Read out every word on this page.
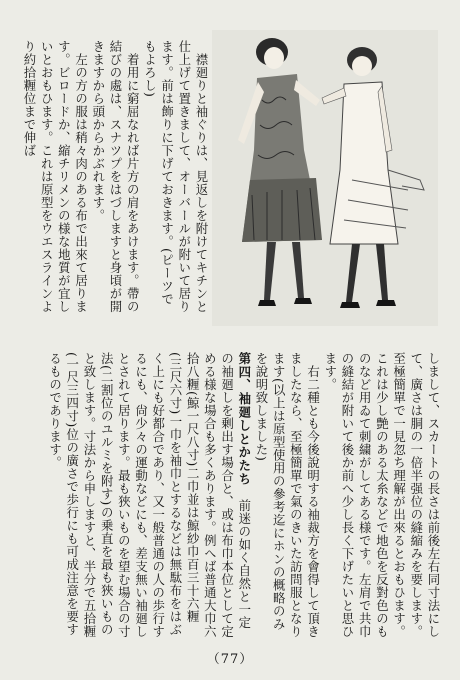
　襟廻りと袖ぐりは、見返しを附けてキチンと仕上げて置きまして、オーバールが附いて居ります。前は飾りに下げておきます。(ピーツでもよろし)
　着用に窮屈なれば片方の肩をあけます。帶の結びの處は、スナツプをはづしますと身頃が開きますから頭からかぶれます。
　左の方の服は稍々肉のある布で出來て居ります。ビロードか、縮チリメンの様な地質が宜しいとおもひます。これは原型をウエスラインより約拾糎位まで伸ば
しまして、スカートの長さは前後左右同寸法にして、廣さは胴の一倍半强位の縫縮みを要します。至極簡單で一見忽ち理解が出來るとおもひます。これは少し艶のある太糸などで地色を反對色のものなど用ゐて刺繍がしてある様です。左肩で共巾の縫結が附いて後か前へ少し長く下げたいと思ひます。
　右二種とも今後說明する袖裁方を會得して頂きましたなら、至極簡單で氣のきいた訪問服となります(以上は原型使用の參考迄にホンの概略のみを說明致しました)
第四、袖廻しとかたち　前迷の如く自然と一定の袖廻しを剰出す場合と、或は布巾本位として定める様な場合も多くあります。例へば普通大巾六拾八糎(鯨一尺八寸)二巾並は鯨紗巾百三十六糎(三尺六寸)一巾を袖巾とするなどは無駄布をはぶく上にも好都合であり、又一般普通の人の歩行するにも、尙少々の運動などにも、差支無い袖廻しとされて居ります。最も狹いものを望む場合の寸法(二割位のユルミを附す)の乗直を最も狹いものと致します。寸法から申しますと、半分で五拾糎(一尺三四寸)位の廣さで歩行にも可成注意を要するものであります。
（77）
